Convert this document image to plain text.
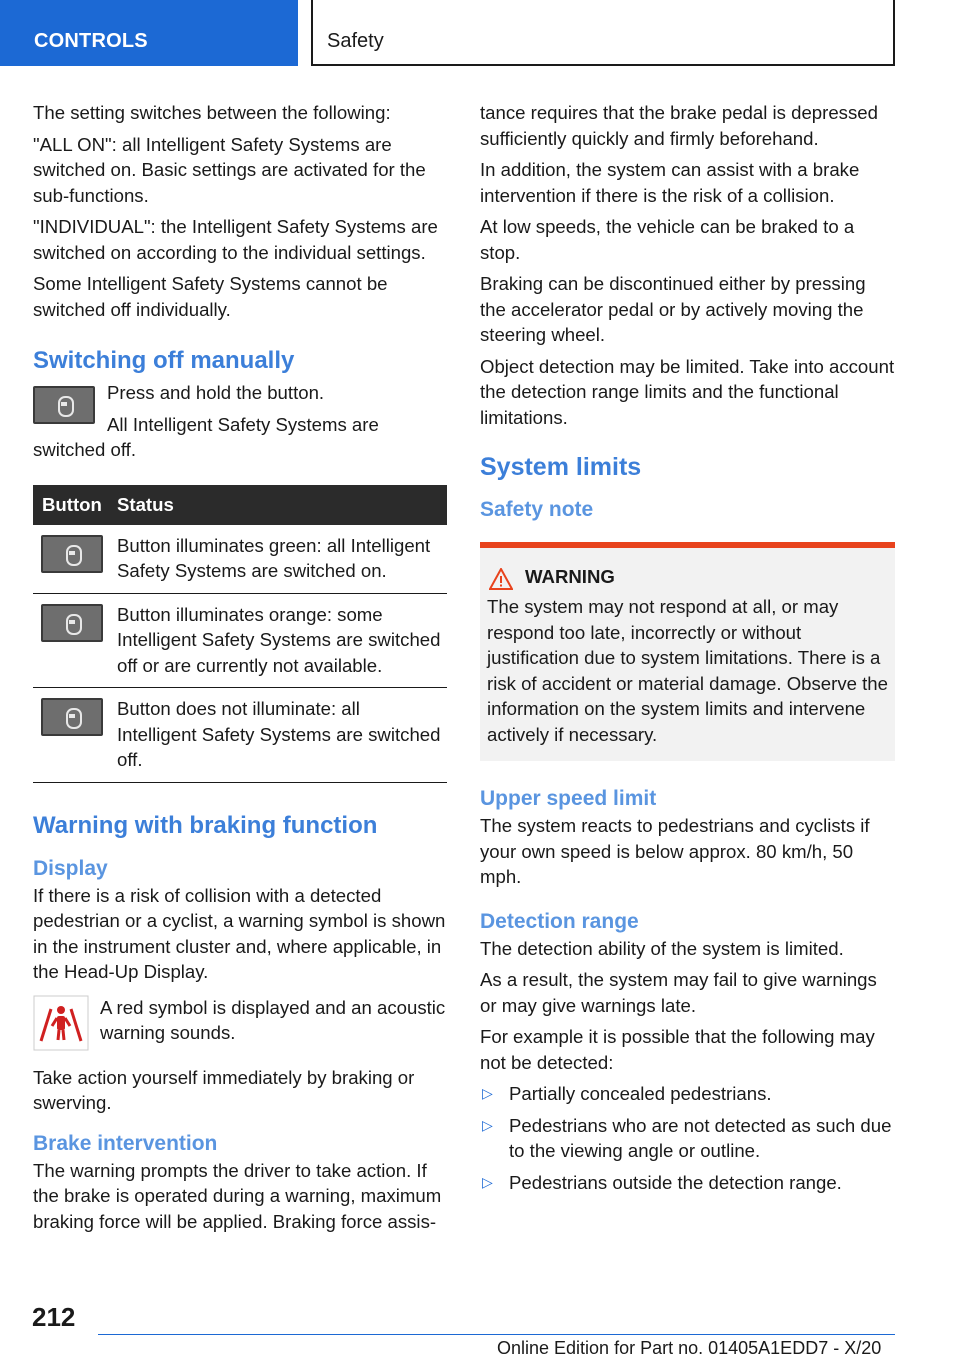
CONTROLS	Safety

The setting switches between the following:

"ALL ON": all Intelligent Safety Systems are switched on. Basic settings are activated for the sub-functions.

"INDIVIDUAL": the Intelligent Safety Systems are switched on according to the individual settings.

Some Intelligent Safety Systems cannot be switched off individually.

Switching off manually

Press and hold the button.

All Intelligent Safety Systems are switched off.

Button	Status

	Button illuminates green: all Intelligent Safety Systems are switched on.

	Button illuminates orange: some Intelligent Safety Systems are switched off or are currently not available.

	Button does not illuminate: all Intelligent Safety Systems are switched off.
Warning with braking function
Display

If there is a risk of collision with a detected pedestrian or a cyclist, a warning symbol is shown in the instrument cluster and, where applicable, in the Head-Up Display.

A red symbol is displayed and an acoustic warning sounds.

Take action yourself immediately by braking or swerving.

Brake intervention

The warning prompts the driver to take action. If the brake is operated during a warning, maximum braking force will be applied. Braking force assis-

tance requires that the brake pedal is depressed sufficiently quickly and firmly beforehand.

In addition, the system can assist with a brake intervention if there is the risk of a collision.

At low speeds, the vehicle can be braked to a stop.

Braking can be discontinued either by pressing the accelerator pedal or by actively moving the steering wheel.

Object detection may be limited. Take into account the detection range limits and the functional limitations.

System limits
Safety note
WARNING

The system may not respond at all, or may respond too late, incorrectly or without justification due to system limitations. There is a risk of accident or material damage. Observe the information on the system limits and intervene actively if necessary.

Upper speed limit

The system reacts to pedestrians and cyclists if your own speed is below approx. 80 km/h, 50 mph.

Detection range

The detection ability of the system is limited.

As a result, the system may fail to give warnings or may give warnings late.

For example it is possible that the following may not be detected:

▷ Partially concealed pedestrians.
▷ Pedestrians who are not detected as such due to the viewing angle or outline.
▷ Pedestrians outside the detection range.
212
Online Edition for Part no. 01405A1EDD7 - X/20
